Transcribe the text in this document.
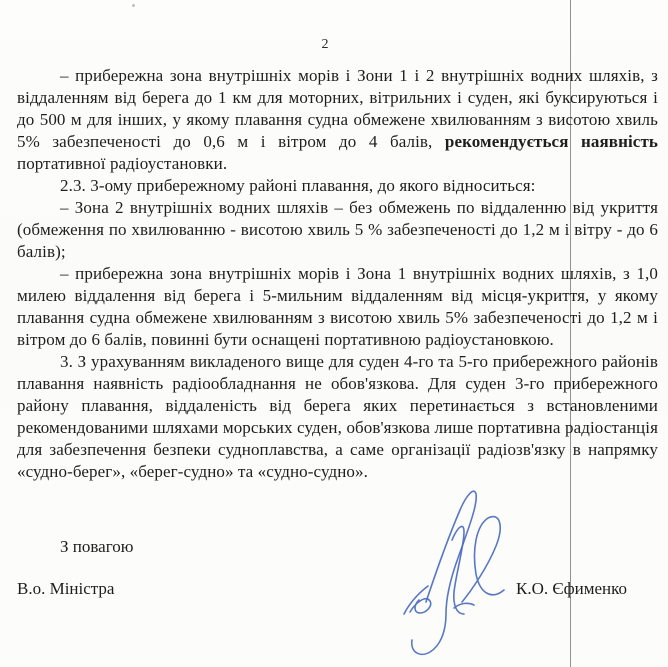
2

– прибережна зона внутрішніх морів і Зони 1 і 2 внутрішніх водних шляхів, з віддаленням від берега до 1 км для моторних, вітрильних і суден, які буксируються і до 500 м для інших, у якому плавання судна обмежене хвилюванням з висотою хвиль 5% забезпеченості до 0,6 м і вітром до 4 балів, рекомендується наявність портативної радіоустановки.

2.3. 3-ому прибережному районі плавання, до якого відноситься:

– Зона 2 внутрішніх водних шляхів – без обмежень по віддаленню від укриття (обмеження по хвилюванню - висотою хвиль 5 % забезпеченості до 1,2 м і вітру - до 6 балів);

– прибережна зона внутрішніх морів і Зона 1 внутрішніх водних шляхів, з 1,0 милею віддалення від берега і 5-мильним віддаленням від місця-укриття, у якому плавання судна обмежене хвилюванням з висотою хвиль 5% забезпеченості до 1,2 м і вітром до 6 балів, повинні бути оснащені портативною радіоустановкою.

3. З урахуванням викладеного вище для суден 4-го та 5-го прибережного районів плавання наявність радіообладнання не обов'язкова. Для суден 3-го прибережного району плавання, віддаленість від берега яких перетинається з встановленими рекомендованими шляхами морських суден, обов'язкова лише портативна радіостанція для забезпечення безпеки судноплавства, а саме організації радіозв'язку в напрямку «судно-берег», «берег-судно» та «судно-судно».

З повагою
В.о. Міністра	К.О. Єфименко
